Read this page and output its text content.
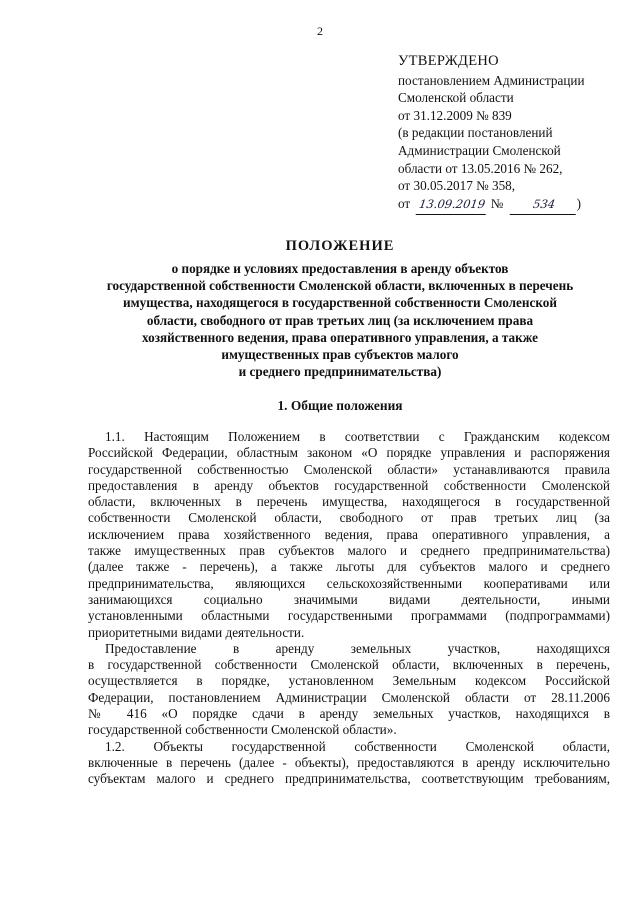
2
УТВЕРЖДЕНО
постановлением Администрации
Смоленской области
от 31.12.2009 № 839
(в редакции постановлений
Администрации Смоленской
области от 13.05.2016 № 262,
от 30.05.2017 № 358,
от 13.09.2019 № 534 )
ПОЛОЖЕНИЕ
о порядке и условиях предоставления в аренду объектов
государственной собственности Смоленской области, включенных в перечень
имущества, находящегося в государственной собственности Смоленской
области, свободного от прав третьих лиц (за исключением права
хозяйственного ведения, права оперативного управления, а также
имущественных прав субъектов малого
и среднего предпринимательства)
1. Общие положения
1.1. Настоящим Положением в соответствии с Гражданским кодексом
Российской Федерации, областным законом «О порядке управления и распоряжения
государственной собственностью Смоленской области» устанавливаются правила
предоставления в аренду объектов государственной собственности Смоленской
области, включенных в перечень имущества, находящегося в государственной
собственности Смоленской области, свободного от прав третьих лиц (за
исключением права хозяйственного ведения, права оперативного управления, а
также имущественных прав субъектов малого и среднего предпринимательства)
(далее также - перечень), а также льготы для субъектов малого и среднего
предпринимательства, являющихся сельскохозяйственными кооперативами или
занимающихся социально значимыми видами деятельности, иными
установленными областными государственными программами (подпрограммами)
приоритетными видами деятельности.
Предоставление в аренду земельных участков, находящихся
в государственной собственности Смоленской области, включенных в перечень,
осуществляется в порядке, установленном Земельным кодексом Российской
Федерации, постановлением Администрации Смоленской области от 28.11.2006
№ 416 «О порядке сдачи в аренду земельных участков, находящихся в
государственной собственности Смоленской области».
1.2. Объекты государственной собственности Смоленской области,
включенные в перечень (далее - объекты), предоставляются в аренду исключительно
субъектам малого и среднего предпринимательства, соответствующим требованиям,
